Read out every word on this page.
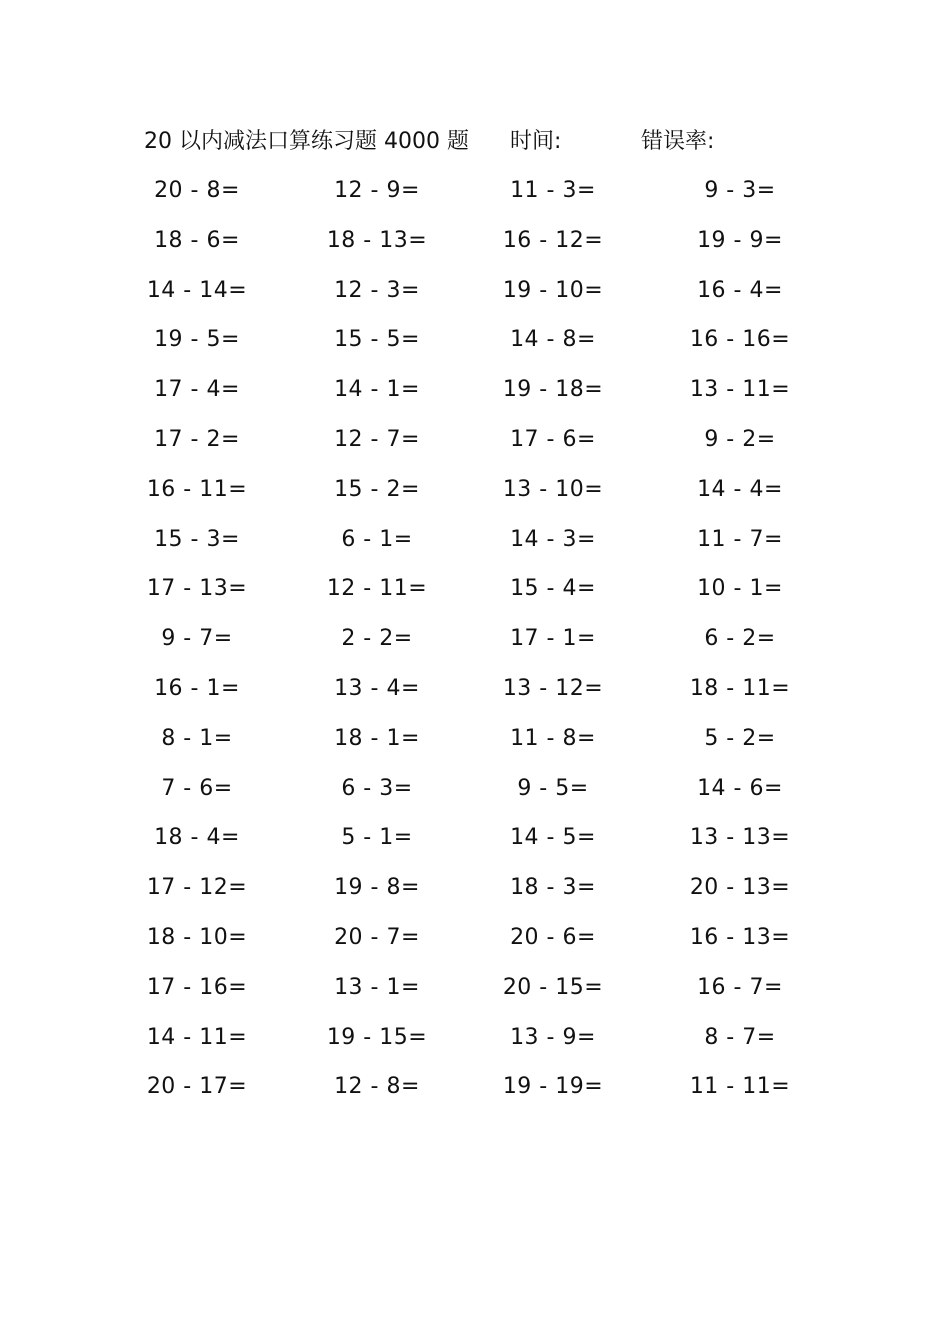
20 以内减法口算练习题 4000 题 时间:	错误率:
20 - 8=	12 - 9=	11 - 3=	9 - 3=
18 - 6=	18 - 13=	16 - 12=	19 - 9=
14 - 14=	12 - 3=	19 - 10=	16 - 4=
19 - 5=	15 - 5=	14 - 8=	16 - 16=
17 - 4=	14 - 1=	19 - 18=	13 - 11=
17 - 2=	12 - 7=	17 - 6=	9 - 2=
16 - 11=	15 - 2=	13 - 10=	14 - 4=
15 - 3=	6 - 1=	14 - 3=	11 - 7=
17 - 13=	12 - 11=	15 - 4=	10 - 1=
9 - 7=	2 - 2=	17 - 1=	6 - 2=
16 - 1=	13 - 4=	13 - 12=	18 - 11=
8 - 1=	18 - 1=	11 - 8=	5 - 2=
7 - 6=	6 - 3=	9 - 5=	14 - 6=
18 - 4=	5 - 1=	14 - 5=	13 - 13=
17 - 12=	19 - 8=	18 - 3=	20 - 13=
18 - 10=	20 - 7=	20 - 6=	16 - 13=
17 - 16=	13 - 1=	20 - 15=	16 - 7=
14 - 11=	19 - 15=	13 - 9=	8 - 7=
20 - 17=	12 - 8=	19 - 19=	11 - 11=
